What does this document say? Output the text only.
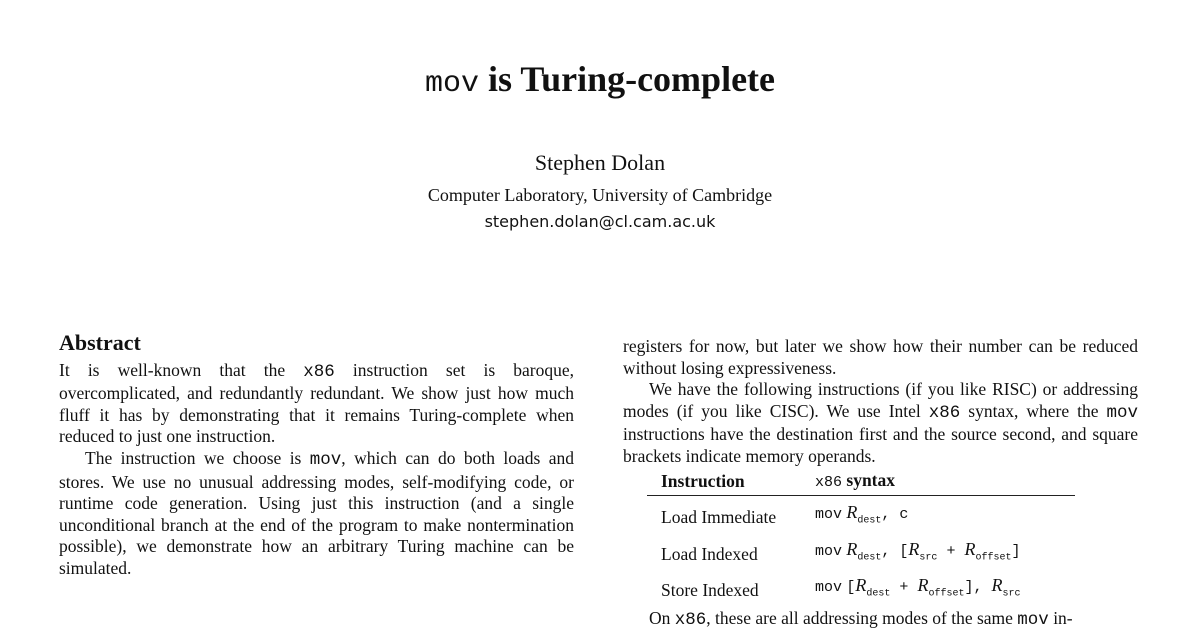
mov is Turing-complete
Stephen Dolan
Computer Laboratory, University of Cambridge
stephen.dolan@cl.cam.ac.uk
Abstract

It is well-known that the x86 instruction set is baroque, overcomplicated, and redundantly redundant. We show just how much fluff it has by demonstrating that it remains Turing-complete when reduced to just one instruction.

The instruction we choose is mov, which can do both loads and stores. We use no unusual addressing modes, self-modifying code, or runtime code generation. Using just this instruction (and a single unconditional branch at the end of the program to make nontermination possible), we demonstrate how an arbitrary Turing machine can be simulated.

registers for now, but later we show how their number can be reduced without losing expressiveness.

We have the following instructions (if you like RISC) or addressing modes (if you like CISC). We use Intel x86 syntax, where the mov instructions have the destination first and the source second, and square brackets indicate memory operands.

Instruction	x86 syntax
Load Immediate	mov $R_{dest}$, c
Load Indexed	mov $R_{dest}$, $[R_{src} + R_{offset}]$
Store Indexed	mov $[R_{dest} + R_{offset}]$, $R_{src}$

On x86, these are all addressing modes of the same mov in-
